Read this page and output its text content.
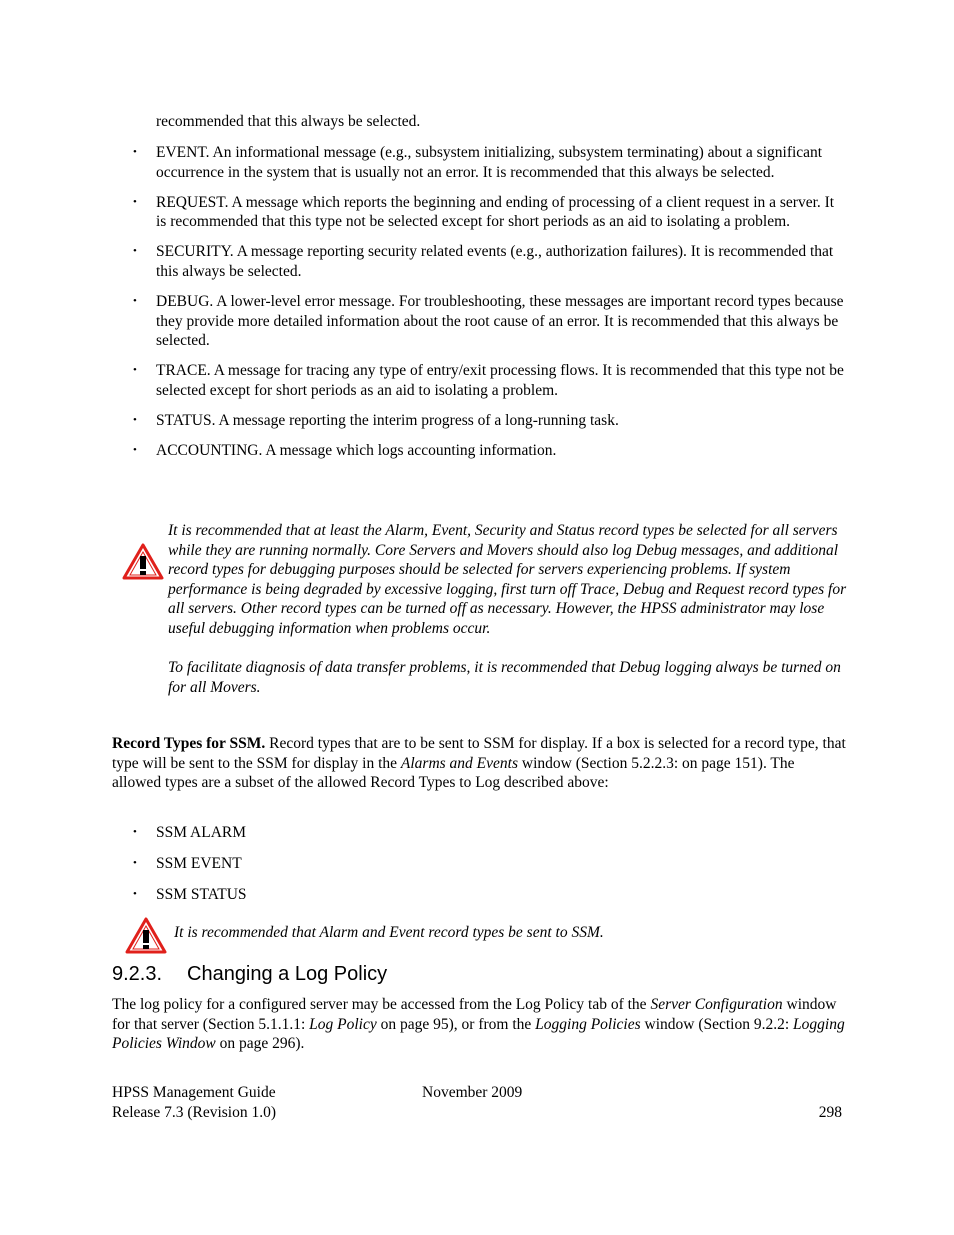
recommended that this always be selected.
• EVENT. An informational message (e.g., subsystem initializing, subsystem terminating) about a significant occurrence in the system that is usually not an error. It is recommended that this always be selected.
• REQUEST. A message which reports the beginning and ending of processing of a client request in a server. It is recommended that this type not be selected except for short periods as an aid to isolating a problem.
• SECURITY. A message reporting security related events (e.g., authorization failures). It is recommended that this always be selected.
• DEBUG. A lower-level error message. For troubleshooting, these messages are important record types because they provide more detailed information about the root cause of an error. It is recommended that this always be selected.
• TRACE. A message for tracing any type of entry/exit processing flows. It is recommended that this type not be selected except for short periods as an aid to isolating a problem.
• STATUS. A message reporting the interim progress of a long-running task.
• ACCOUNTING. A message which logs accounting information.

It is recommended that at least the Alarm, Event, Security and Status record types be selected for all servers while they are running normally. Core Servers and Movers should also log Debug messages, and additional record types for debugging purposes should be selected for servers experiencing problems. If system performance is being degraded by excessive logging, first turn off Trace, Debug and Request record types for all servers. Other record types can be turned off as necessary. However, the HPSS administrator may lose useful debugging information when problems occur.

To facilitate diagnosis of data transfer problems, it is recommended that Debug logging always be turned on for all Movers.

Record Types for SSM. Record types that are to be sent to SSM for display. If a box is selected for a record type, that type will be sent to the SSM for display in the Alarms and Events window (Section 5.2.2.3: on page 151). The allowed types are a subset of the allowed Record Types to Log described above:
• SSM ALARM
• SSM EVENT
• SSM STATUS
It is recommended that Alarm and Event record types be sent to SSM.
9.2.3. Changing a Log Policy
The log policy for a configured server may be accessed from the Log Policy tab of the Server Configuration window for that server (Section 5.1.1.1: Log Policy on page 95), or from the Logging Policies window (Section 9.2.2: Logging Policies Window on page 296).
HPSS Management Guide	November 2009
Release 7.3 (Revision 1.0)	298
